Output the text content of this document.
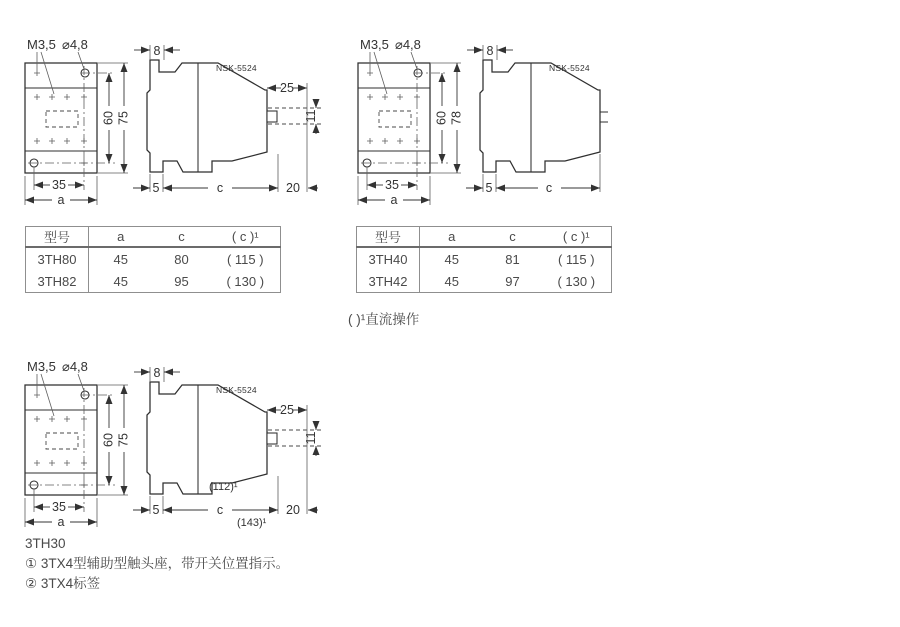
M3,5 ⌀4,8
60 75
35
a
8
NSK-5524
25
11
5	c	20
M3,5 ⌀4,8
60 78
35
a
8
NSK-5524
5	c
M3,5 ⌀4,8
60 75
35
a
8
NSK-5524
25
11
5	c	20
(112)¹
(143)¹
型号	a	c	( c )¹
3TH80	45	80	( 115 )
3TH82	45	95	( 130 )
型号	a	c	( c )¹
3TH40	45	81	( 115 )
3TH42	45	97	( 130 )
( )¹直流操作
3TH30
① 3TX4型辅助型触头座，带开关位置指示。
② 3TX4标签
